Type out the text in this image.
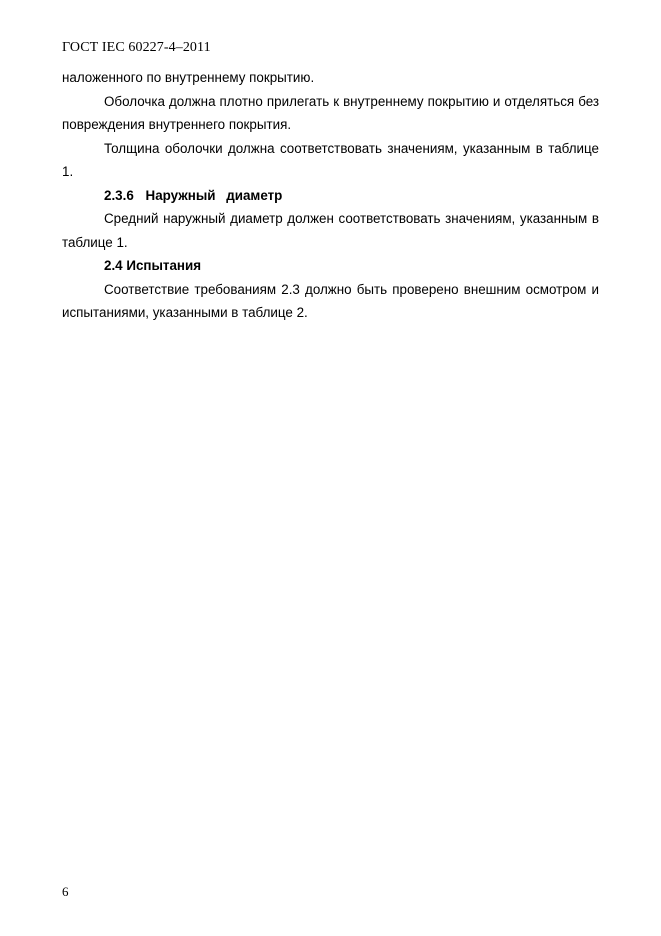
ГОСТ IEC 60227-4–2011

наложенного по внутреннему покрытию.

Оболочка должна плотно прилегать к внутреннему покрытию и отделяться без повреждения внутреннего покрытия.

Толщина оболочки должна соответствовать значениям, указанным в таблице 1.

2.3.6 Наружный диаметр

Средний наружный диаметр должен соответствовать значениям, указанным в таблице 1.

2.4 Испытания

Соответствие требованиям 2.3 должно быть проверено внешним осмотром и испытаниями, указанными в таблице 2.

6
